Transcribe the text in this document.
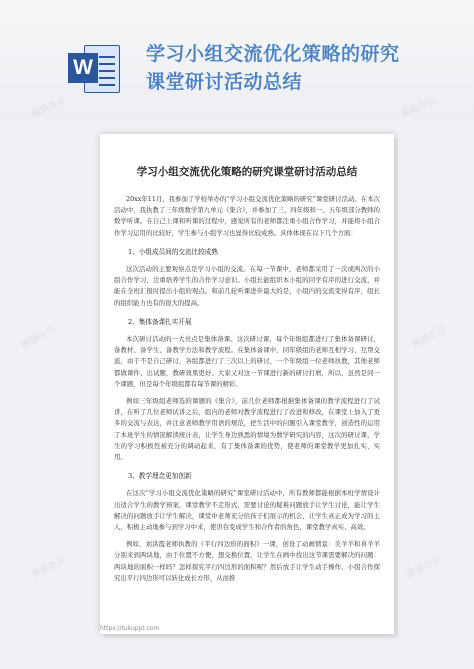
W
学习小组交流优化策略的研究
课堂研讨活动总结
熊猫办公	熊猫办公
熊猫办公	熊猫办公
熊猫办公	熊猫办公
学习小组交流优化策略的研究课堂研讨活动总结

20xx年11月，我参加了学校举办的“学习小组交流优化策略的研究”课堂研讨活动。在本次活动中，我执教了三年级数学第九单元《集合》，并参加了三、四年级和一、五年级部分教师的数学听课。在自己上课和听课的过程中，感觉所有的老师都注重小组合作学习，并能将小组合作学习运用的比较好，学生参与小组学习也显得比较成熟。具体体现在以下几个方面：

1、小组成员间的交流比较成熟

这次活动的主要观察点是学习小组的交流。在每一节课中，老师都采用了一次或两次的小组合作学习，注重培养学生的合作学习意识。小组长能组织本小组的同学有序的进行交流，并能在全班汇报时提出小组的观点。和前几轮听课进步最大的是，小组内的交流变得有序，组长的组织能力也有的很大的提高。

2、集体备课扎实开展

本次研讨活动的一大亮点是集体备课。这次研讨课，每个年级组都进行了集体备课研讨，备教材、备学生、备教学方法和教学流程。在集体备课中，同年级组的老师互相学习、互帮交流，由于不是自己研讨，各组都进行了三次以上的研讨，一个年级组一位老师执教，其他老师都做课件、出试题，教研效果更好。大家又对这一节课进行新的研讨打磨，所以，虽然是同一个课题，但是每个年级组都有每节课的精彩。

例如三年级组老师选的课题的《集合》，前几位老师都根据集体备课的教学流程进行了试讲，在听了几位老师试讲之后，组内的老师对教学流程进行了改进和修改，在课堂上加入了更多的交流与表达，并注意老师教学用语的规范，把生活中的问题引入课堂教学，创造性的运用了本班学生的情况解读统计表，让学生身边熟悉的情境为数学研究的内容，这次的研讨课，学生的学习积极性被充分的调动起来，有了集体备课的优势，使老师的课堂教学更加扎实、实用。

3、教学理念更加创新

在这次“学习小组交流优化策略的研究”课堂研讨活动中，所有教师都能根据本班学情设计出适合学生的教学预案，课堂教学不走形式，需要讨论的疑难问题放手让学生讨论，能让学生解决的问题放手让学生解决，课堂中老师充分给孩子们展示的机会，让学生真正成为学习的主人，积极主动地参与到学习中来，使讲台变成学生和合作者的角色，课堂教学真实、高效。

例如，刘洪霞老师执教的《平行四边形的面积》一课，创设了动画情景：美羊羊和喜羊羊分别来到两块地，由于位置不方便，想交换位置，让学生在画中找出这节课需要解决的问题：两块地的面积一样吗？怎样探究平行四边形的面积呢？然后放手让学生动手操作，小组合作探究出平行四边形可以转化成长方形，从而推

https://tukuppt.com
